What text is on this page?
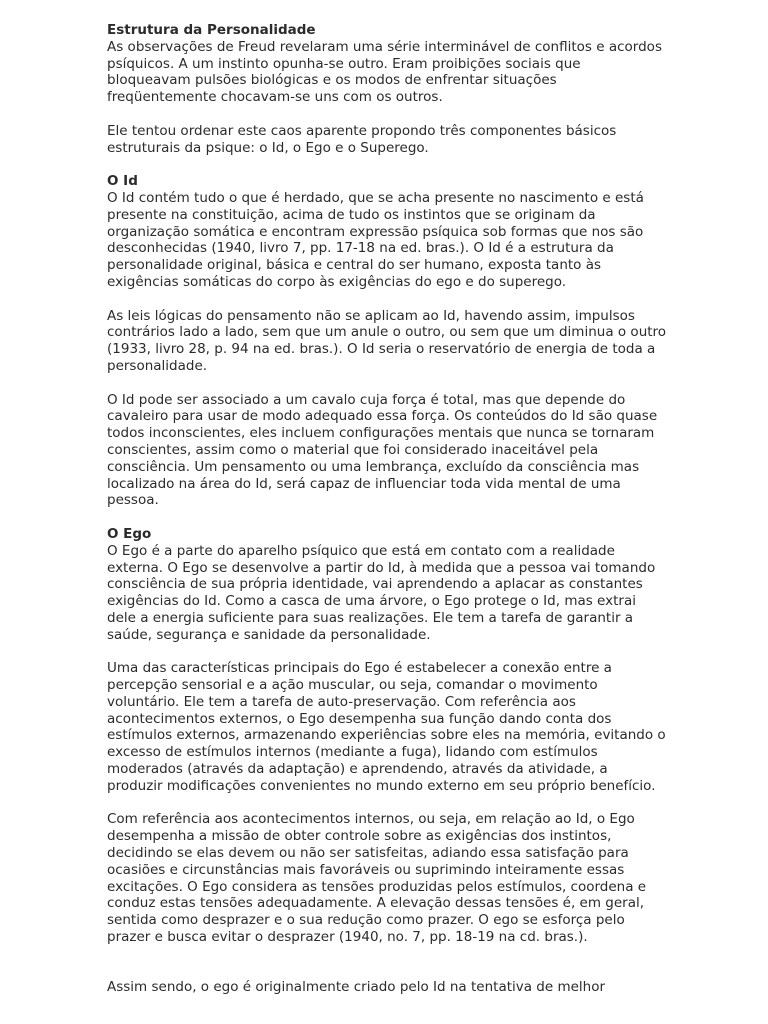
Estrutura da Personalidade

As observações de Freud revelaram uma série interminável de conflitos e acordos psíquicos. A um instinto opunha-se outro. Eram proibições sociais que bloqueavam pulsões biológicas e os modos de enfrentar situações freqüentemente chocavam-se uns com os outros.

Ele tentou ordenar este caos aparente propondo três componentes básicos estruturais da psique: o Id, o Ego e o Superego.

O Id

O Id contém tudo o que é herdado, que se acha presente no nascimento e está presente na constituição, acima de tudo os instintos que se originam da organização somática e encontram expressão psíquica sob formas que nos são desconhecidas (1940, livro 7, pp. 17-18 na ed. bras.). O Id é a estrutura da personalidade original, básica e central do ser humano, exposta tanto às exigências somáticas do corpo às exigências do ego e do superego.

As leis lógicas do pensamento não se aplicam ao Id, havendo assim, impulsos contrários lado a lado, sem que um anule o outro, ou sem que um diminua o outro (1933, livro 28, p. 94 na ed. bras.). O Id seria o reservatório de energia de toda a personalidade.

O Id pode ser associado a um cavalo cuja força é total, mas que depende do cavaleiro para usar de modo adequado essa força. Os conteúdos do Id são quase todos inconscientes, eles incluem configurações mentais que nunca se tornaram conscientes, assim como o material que foi considerado inaceitável pela consciência. Um pensamento ou uma lembrança, excluído da consciência mas localizado na área do Id, será capaz de influenciar toda vida mental de uma pessoa.

O Ego

O Ego é a parte do aparelho psíquico que está em contato com a realidade externa. O Ego se desenvolve a partir do Id, à medida que a pessoa vai tomando consciência de sua própria identidade, vai aprendendo a aplacar as constantes exigências do Id. Como a casca de uma árvore, o Ego protege o Id, mas extrai dele a energia suficiente para suas realizações. Ele tem a tarefa de garantir a saúde, segurança e sanidade da personalidade.

Uma das características principais do Ego é estabelecer a conexão entre a percepção sensorial e a ação muscular, ou seja, comandar o movimento voluntário. Ele tem a tarefa de auto-preservação. Com referência aos acontecimentos externos, o Ego desempenha sua função dando conta dos estímulos externos, armazenando experiências sobre eles na memória, evitando o excesso de estímulos internos (mediante a fuga), lidando com estímulos moderados (através da adaptação) e aprendendo, através da atividade, a produzir modificações convenientes no mundo externo em seu próprio benefício.

Com referência aos acontecimentos internos, ou seja, em relação ao Id, o Ego desempenha a missão de obter controle sobre as exigências dos instintos, decidindo se elas devem ou não ser satisfeitas, adiando essa satisfação para ocasiões e circunstâncias mais favoráveis ou suprimindo inteiramente essas excitações. O Ego considera as tensões produzidas pelos estímulos, coordena e conduz estas tensões adequadamente. A elevação dessas tensões é, em geral, sentida como desprazer e o sua redução como prazer. O ego se esforça pelo prazer e busca evitar o desprazer (1940, no. 7, pp. 18-19 na cd. bras.).

Assim sendo, o ego é originalmente criado pelo Id na tentativa de melhor
